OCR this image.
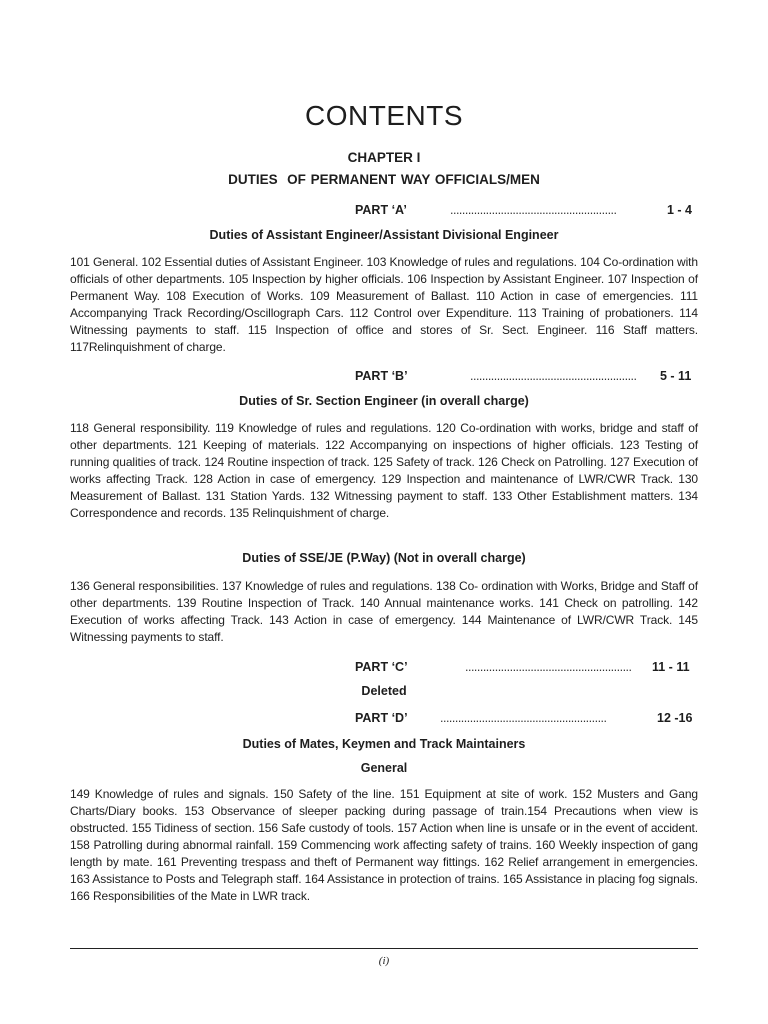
CONTENTS
CHAPTER I
DUTIES  OF PERMANENT WAY OFFICIALS/MEN
PART ‘A’	........................................................	1 - 4
Duties of Assistant Engineer/Assistant Divisional Engineer
101 General. 102 Essential duties of Assistant Engineer. 103 Knowledge of rules and regulations. 104 Co-ordination with officials of other departments. 105 Inspection by higher officials. 106 Inspection by Assistant Engineer. 107 Inspection of Permanent Way. 108 Execution of Works. 109 Measurement of Ballast. 110 Action in case of emergencies. 111 Accompanying Track Recording/Oscillograph Cars. 112 Control over Expenditure. 113 Training of probationers. 114 Witnessing payments to staff. 115 Inspection of office and stores of Sr. Sect. Engineer. 116 Staff matters. 117Relinquishment of charge.
PART ‘B’	........................................................ 5 - 11
Duties of Sr. Section Engineer (in overall charge)
118 General responsibility. 119 Knowledge of rules and regulations. 120 Co-ordination with works, bridge and staff of other departments. 121 Keeping of materials. 122 Accompanying on inspections of higher officials. 123 Testing of running qualities of track. 124 Routine inspection of track. 125 Safety of track. 126 Check on Patrolling. 127 Execution of works affecting Track. 128 Action in case of emergency. 129 Inspection and maintenance of LWR/CWR Track. 130 Measurement of Ballast. 131 Station Yards. 132 Witnessing payment to staff. 133 Other Establishment matters. 134 Correspondence and records. 135 Relinquishment of charge.
Duties of SSE/JE (P.Way) (Not in overall charge)
136 General responsibilities. 137 Knowledge of rules and regulations. 138 Co- ordination with Works, Bridge and Staff of other departments. 139 Routine Inspection of Track. 140 Annual maintenance works. 141 Check on patrolling. 142 Execution of works affecting Track. 143 Action in case of emergency. 144 Maintenance of LWR/CWR Track. 145 Witnessing payments to staff.
PART ‘C’	........................................................ 11 - 11
Deleted
PART ‘D’	........................................................	12 -16
Duties of Mates, Keymen and Track Maintainers
General
149 Knowledge of rules and signals. 150 Safety of the line. 151 Equipment at site of work. 152 Musters and Gang Charts/Diary books. 153 Observance of sleeper packing during passage of train.154 Precautions when view is obstructed. 155 Tidiness of section. 156 Safe custody of tools. 157 Action when line is unsafe or in the event of accident. 158 Patrolling during abnormal rainfall. 159 Commencing work affecting safety of trains. 160 Weekly inspection of gang length by mate. 161 Preventing trespass and theft of Permanent way fittings. 162 Relief arrangement in emergencies. 163 Assistance to Posts and Telegraph staff. 164 Assistance in protection of trains. 165 Assistance in placing fog signals. 166 Responsibilities of the Mate in LWR track.
(i)
